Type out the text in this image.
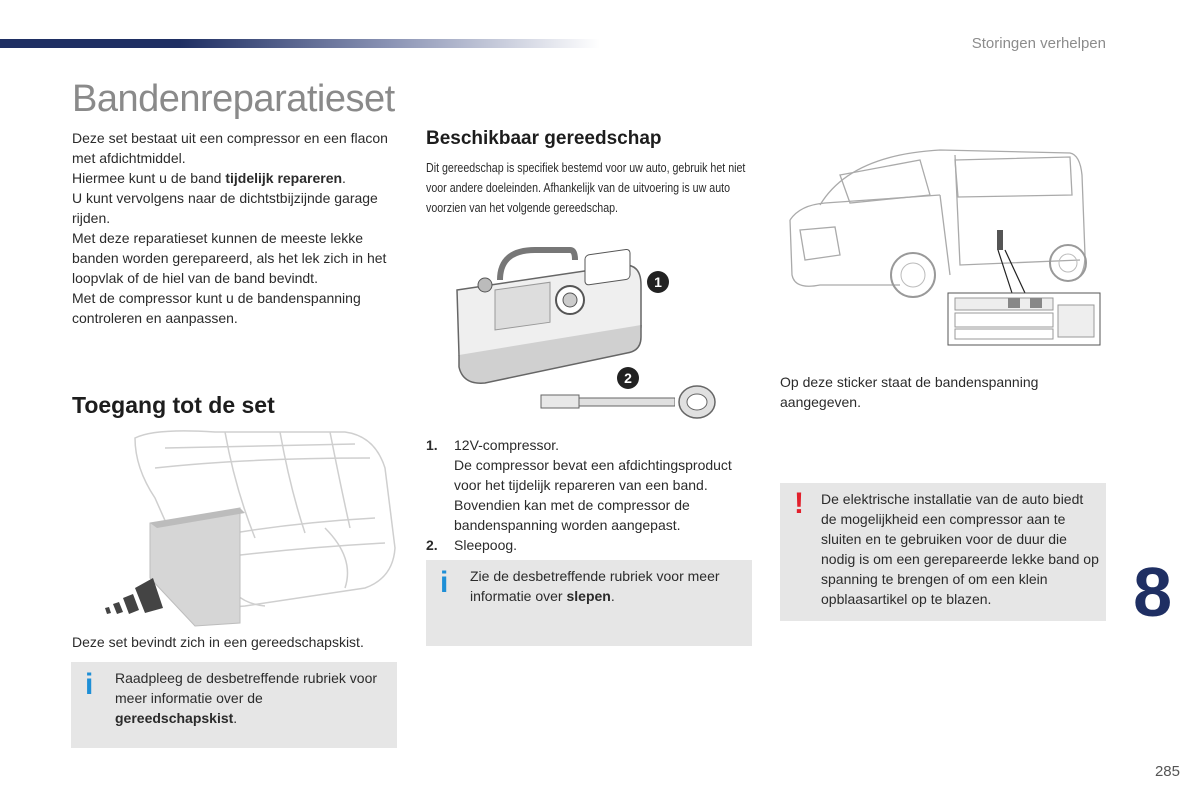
Storingen verhelpen
Bandenreparatieset
Deze set bestaat uit een compressor en een flacon met afdichtmiddel.
Hiermee kunt u de band tijdelijk repareren.
U kunt vervolgens naar de dichtstbijzijnde garage rijden.
Met deze reparatieset kunnen de meeste lekke banden worden gerepareerd, als het lek zich in het loopvlak of de hiel van de band bevindt.
Met de compressor kunt u de bandenspanning controleren en aanpassen.
Toegang tot de set
Deze set bevindt zich in een gereedschapskist.
i Raadpleeg de desbetreffende rubriek voor meer informatie over de gereedschapskist.
Beschikbaar gereedschap
Dit gereedschap is specifiek bestemd voor uw auto, gebruik het niet voor andere doeleinden. Afhankelijk van de uitvoering is uw auto voorzien van het volgende gereedschap.
1
2
1. 12V-compressor.
De compressor bevat een afdichtingsproduct voor het tijdelijk repareren van een band. Bovendien kan met de compressor de bandenspanning worden aangepast.
2. Sleepoog.
i Zie de desbetreffende rubriek voor meer informatie over slepen.
Op deze sticker staat de bandenspanning aangegeven.
! De elektrische installatie van de auto biedt de mogelijkheid een compressor aan te sluiten en te gebruiken voor de duur die nodig is om een gerepareerde lekke band op spanning te brengen of om een klein opblaasartikel op te blazen.	8
285
